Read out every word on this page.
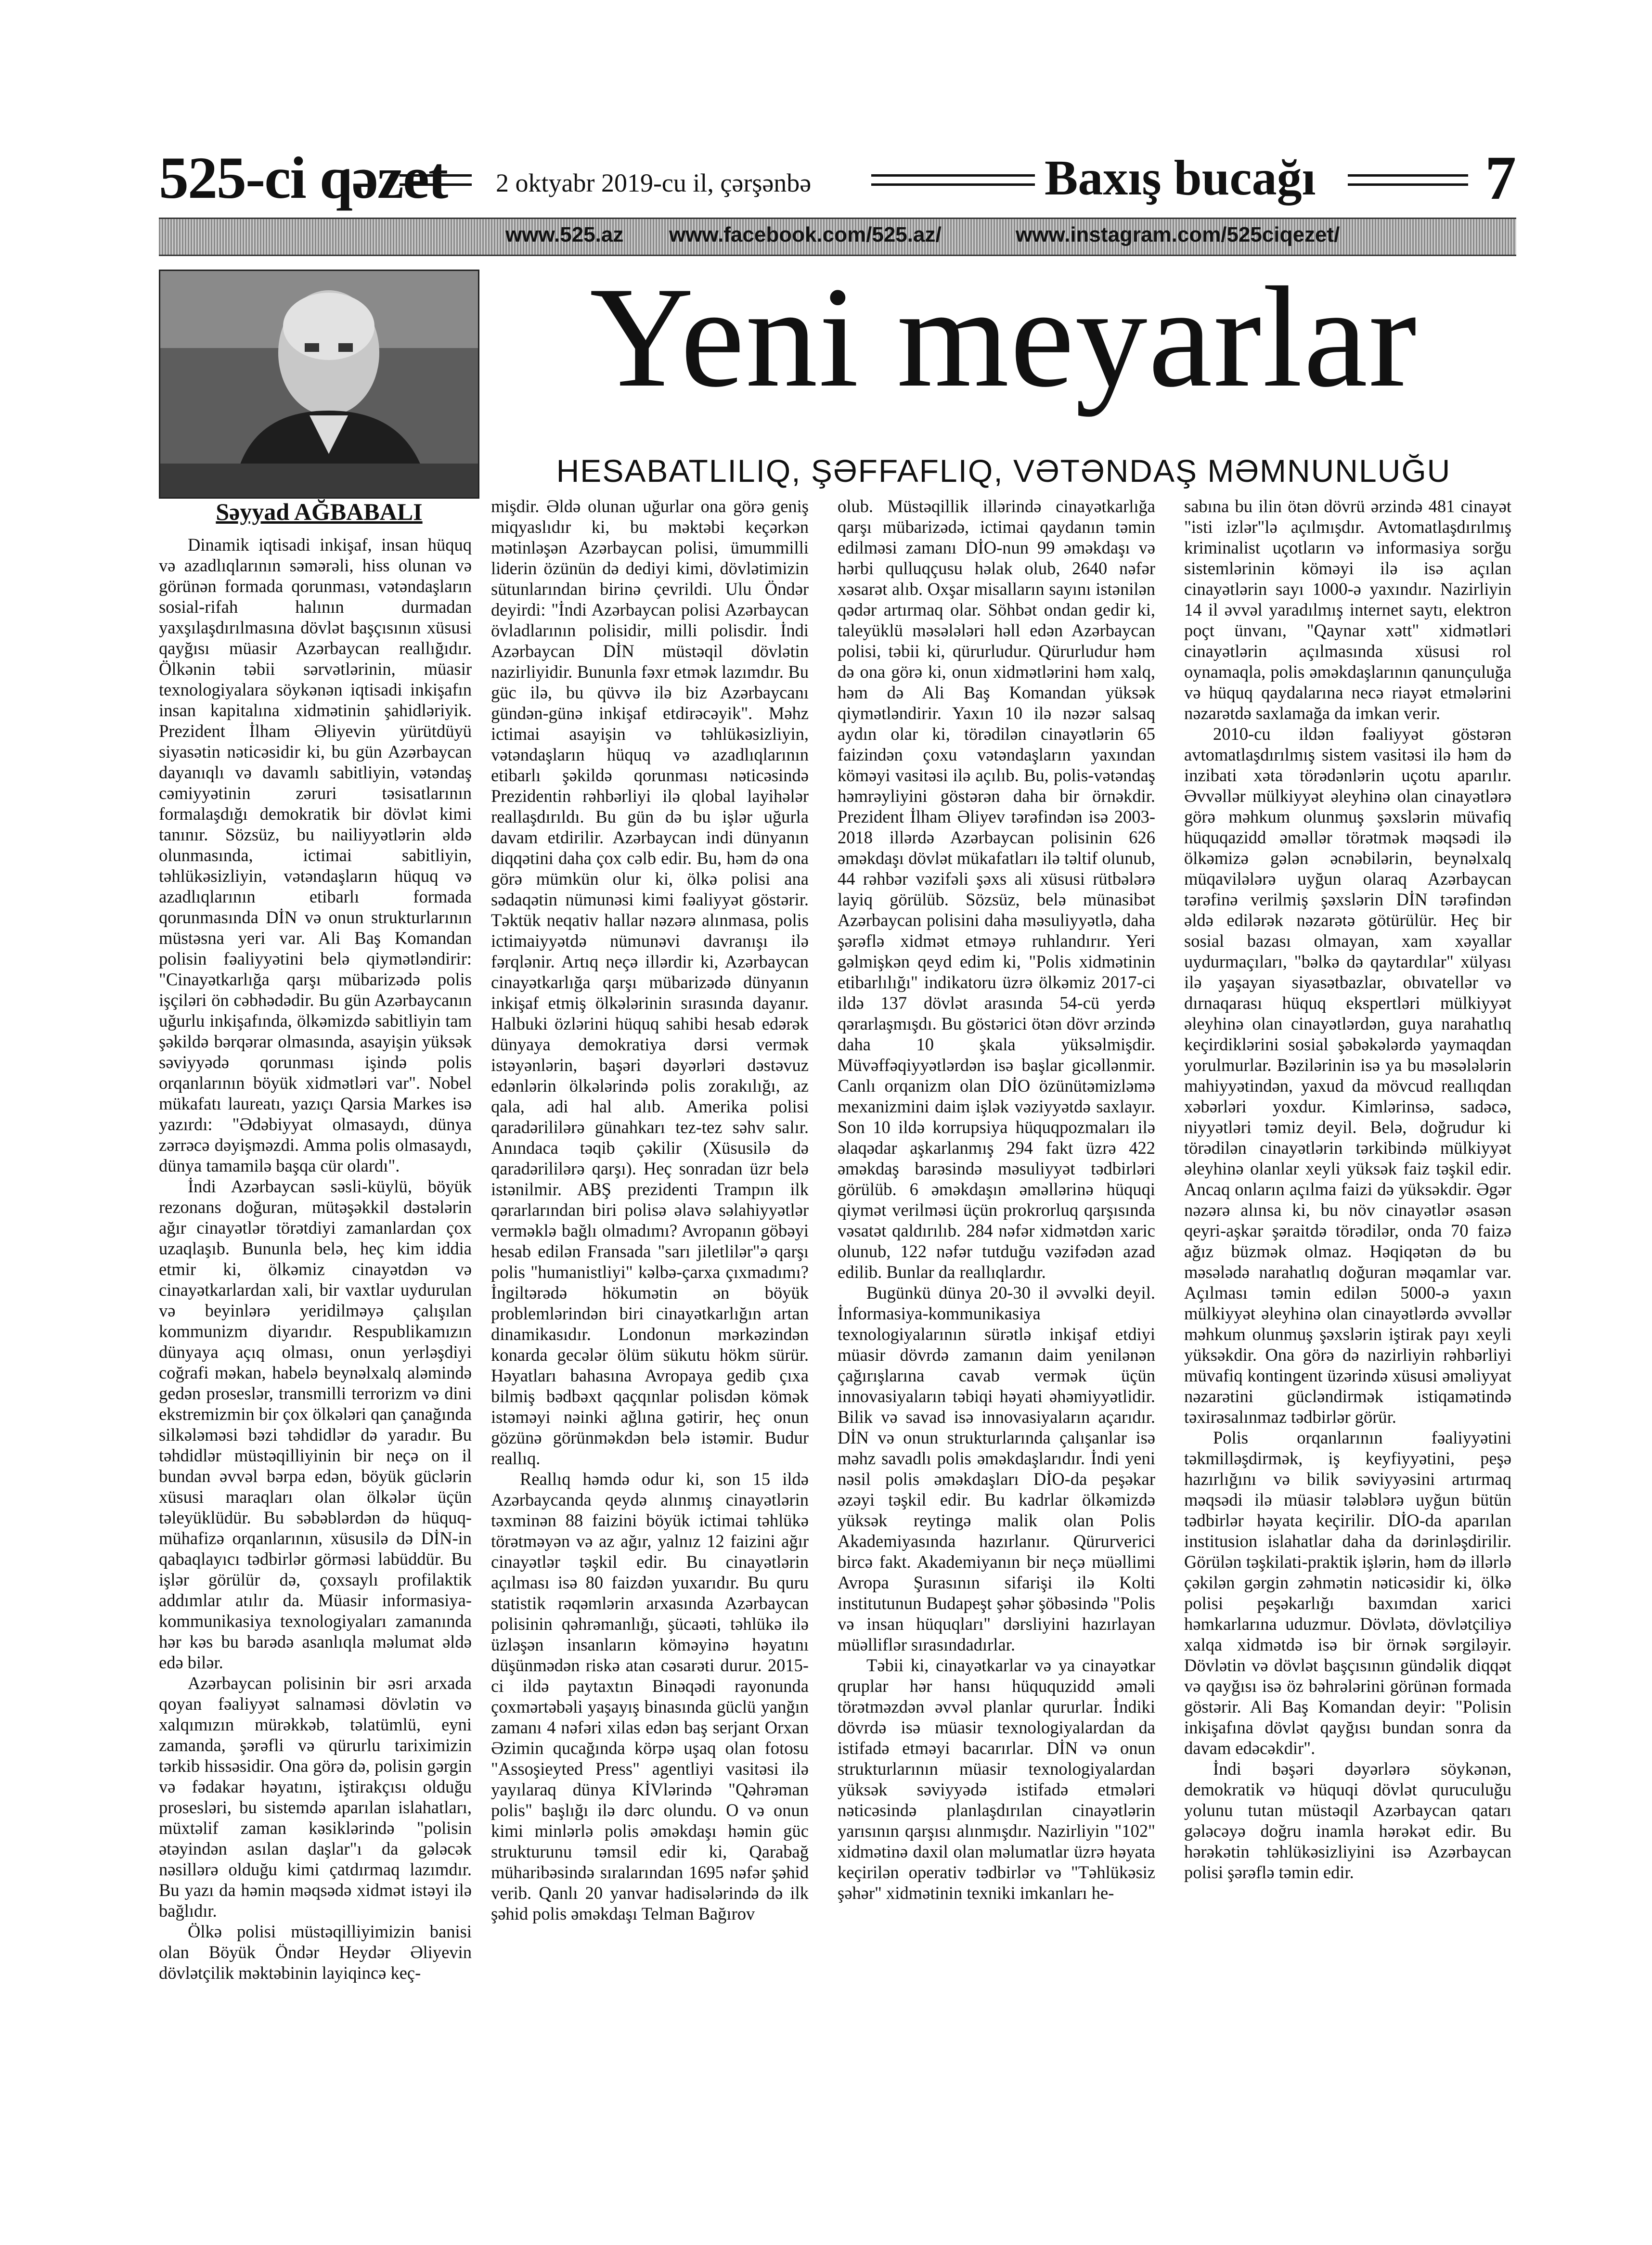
525-ci qəzet 2 oktyabr 2019-cu il, çərşənbə	Baxış bucağı	7
www.525.az www.facebook.com/525.az/	www.instagram.com/525ciqezet/
Səyyad AĞBABALI
Yeni meyarlar
HESABATLILIQ, ŞƏFFAFLIQ, VƏTƏNDAŞ MƏMNUNLUĞU

Dinamik iqtisadi inkişaf, insan hüquq və azadlıqlarının səmərəli, hiss olunan və görünən formada qorunması, vətəndaşların sosial-rifah halının durmadan yaxşılaşdırılmasına dövlət başçısının xüsusi qayğısı müasir Azərbaycan reallığıdır. Ölkənin təbii sərvətlərinin, müasir texnologiyalara söykənən iqtisadi inkişafın insan kapitalına xidmətinin şahidləriyik. Prezident İlham Əliyevin yürütdüyü siyasətin nəticəsidir ki, bu gün Azərbaycan dayanıqlı və davamlı sabitliyin, vətəndaş cəmiyyətinin zəruri təsisatlarının formalaşdığı demokratik bir dövlət kimi tanınır. Sözsüz, bu nailiyyətlərin əldə olunmasında, ictimai sabitliyin, təhlükəsizliyin, vətəndaşların hüquq və azadlıqlarının etibarlı formada qorunmasında DİN və onun strukturlarının müstəsna yeri var. Ali Baş Komandan polisin fəaliyyətini belə qiymətləndirir: "Cinayətkarlığa qarşı mübarizədə polis işçiləri ön cəbhədədir. Bu gün Azərbaycanın uğurlu inkişafında, ölkəmizdə sabitliyin tam şəkildə bərqərar olmasında, asayişin yüksək səviyyədə qorunması işində polis orqanlarının böyük xidmətləri var". Nobel mükafatı laureatı, yazıçı Qarsia Markes isə yazırdı: "Ədəbiyyat olmasaydı, dünya zərrəcə dəyişməzdi. Amma polis olmasaydı, dünya tamamilə başqa cür olardı".

İndi Azərbaycan səsli-küylü, böyük rezonans doğuran, mütəşəkkil dəstələrin ağır cinayətlər törətdiyi zamanlardan çox uzaqlaşıb. Bununla belə, heç kim iddia etmir ki, ölkəmiz cinayətdən və cinayətkarlardan xali, bir vaxtlar uydurulan və beyinlərə yeridilməyə çalışılan kommunizm diyarıdır. Respublikamızın dünyaya açıq olması, onun yerləşdiyi coğrafi məkan, habelə beynəlxalq aləmində gedən proseslər, transmilli terrorizm və dini ekstremizmin bir çox ölkələri qan çanağında silkələməsi bəzi təhdidlər də yaradır. Bu təhdidlər müstəqilliyinin bir neçə on il bundan əvvəl bərpa edən, böyük güclərin xüsusi maraqları olan ölkələr üçün təleyüklüdür. Bu səbəblərdən də hüquq-mühafizə orqanlarının, xüsusilə də DİN-in qabaqlayıcı tədbirlər görməsi labüddür. Bu işlər görülür də, çoxsaylı profilaktik addımlar atılır da. Müasir informasiya-kommunikasiya texnologiyaları zamanında hər kəs bu barədə asanlıqla məlumat əldə edə bilər.

Azərbaycan polisinin bir əsri arxada qoyan fəaliyyət salnaməsi dövlətin və xalqımızın mürəkkəb, təlatümlü, eyni zamanda, şərəfli və qürurlu tariximizin tərkib hissəsidir. Ona görə də, polisin gərgin və fədakar həyatını, iştirakçısı olduğu prosesləri, bu sistemdə aparılan islahatları, müxtəlif zaman kəsiklərində "polisin ətəyindən asılan daşlar"ı da gələcək nəsillərə olduğu kimi çatdırmaq lazımdır. Bu yazı da həmin məqsədə xidmət istəyi ilə bağlıdır.

Ölkə polisi müstəqilliyimizin banisi olan Böyük Öndər Heydər Əliyevin dövlətçilik məktəbinin layiqincə keç-

mişdir. Əldə olunan uğurlar ona görə geniş miqyaslıdır ki, bu məktəbi keçərkən mətinləşən Azərbaycan polisi, ümummilli liderin özünün də dediyi kimi, dövlətimizin sütunlarından birinə çevrildi. Ulu Öndər deyirdi: "İndi Azərbaycan polisi Azərbaycan övladlarının polisidir, milli polisdir. İndi Azərbaycan DİN müstəqil dövlətin nazirliyidir. Bununla fəxr etmək lazımdır. Bu güc ilə, bu qüvvə ilə biz Azərbaycanı gündən-günə inkişaf etdirəcəyik". Məhz ictimai asayişin və təhlükəsizliyin, vətəndaşların hüquq və azadlıqlarının etibarlı şəkildə qorunması nəticəsində Prezidentin rəhbərliyi ilə qlobal layihələr reallaşdırıldı. Bu gün də bu işlər uğurla davam etdirilir. Azərbaycan indi dünyanın diqqətini daha çox cəlb edir. Bu, həm də ona görə mümkün olur ki, ölkə polisi ana sədaqətin nümunəsi kimi fəaliyyət göstərir. Təktük neqativ hallar nəzərə alınmasa, polis ictimaiyyətdə nümunəvi davranışı ilə fərqlənir. Artıq neçə illərdir ki, Azərbaycan cinayətkarlığa qarşı mübarizədə dünyanın inkişaf etmiş ölkələrinin sırasında dayanır. Halbuki özlərini hüquq sahibi hesab edərək dünyaya demokratiya dərsi vermək istəyənlərin, başəri dəyərləri dəstəvuz edənlərin ölkələrində polis zorakılığı, az qala, adi hal alıb. Amerika polisi qaradərililərə günahkarı tez-tez səhv salır. Anındaca təqib çəkilir (Xüsusilə də qaradərililərə qarşı). Heç sonradan üzr belə istənilmir. ABŞ prezidenti Trampın ilk qərarlarından biri polisə əlavə səlahiyyətlər verməklə bağlı olmadımı? Avropanın göbəyi hesab edilən Fransada "sarı jiletlilər"ə qarşı polis "humanistliyi" kəlbə-çarxa çıxmadımı? İngiltərədə hökumətin ən böyük problemlərindən biri cinayətkarlığın artan dinamikasıdır. Londonun mərkəzindən konarda gecələr ölüm sükutu hökm sürür. Həyatları bahasına Avropaya gedib çıxa bilmiş bədbəxt qaçqınlar polisdən kömək istəməyi nəinki ağlına gətirir, heç onun gözünə görünməkdən belə istəmir. Budur reallıq.

Reallıq həmdə odur ki, son 15 ildə Azərbaycanda qeydə alınmış cinayətlərin təxminən 88 faizini böyük ictimai təhlükə törətməyən və az ağır, yalnız 12 faizini ağır cinayətlər təşkil edir. Bu cinayətlərin açılması isə 80 faizdən yuxarıdır. Bu quru statistik rəqəmlərin arxasında Azərbaycan polisinin qəhrəmanlığı, şücaəti, təhlükə ilə üzləşən insanların köməyinə həyatını düşünmədən riskə atan cəsarəti durur. 2015-ci ildə paytaxtın Binəqədi rayonunda çoxmərtəbəli yaşayış binasında güclü yanğın zamanı 4 nəfəri xilas edən baş serjant Orxan Əzimin qucağında körpə uşaq olan fotosu "Assoşieyted Press" agentliyi vasitəsi ilə yayılaraq dünya KİVlərində "Qəhrəman polis" başlığı ilə dərc olundu. O və onun kimi minlərlə polis əməkdaşı həmin güc strukturunu təmsil edir ki, Qarabağ müharibəsində sıralarından 1695 nəfər şəhid verib. Qanlı 20 yanvar hadisələrində də ilk şəhid polis əməkdaşı Telman Bağırov

olub. Müstəqillik illərində cinayətkarlığa qarşı mübarizədə, ictimai qaydanın təmin edilməsi zamanı DİO-nun 99 əməkdaşı və hərbi qulluqçusu həlak olub, 2640 nəfər xəsarət alıb. Oxşar misalların sayını istənilən qədər artırmaq olar. Söhbət ondan gedir ki, taleyüklü məsələləri həll edən Azərbaycan polisi, təbii ki, qürurludur. Qürurludur həm də ona görə ki, onun xidmətlərini həm xalq, həm də Ali Baş Komandan yüksək qiymətləndirir. Yaxın 10 ilə nəzər salsaq aydın olar ki, törədilən cinayətlərin 65 faizindən çoxu vətəndaşların yaxından köməyi vasitəsi ilə açılıb. Bu, polis-vətəndaş həmrəyliyini göstərən daha bir örnəkdir. Prezident İlham Əliyev tərəfindən isə 2003-2018 illərdə Azərbaycan polisinin 626 əməkdaşı dövlət mükafatları ilə təltif olunub, 44 rəhbər vəzifəli şəxs ali xüsusi rütbələrə layiq görülüb. Sözsüz, belə münasibət Azərbaycan polisini daha məsuliyyətlə, daha şərəflə xidmət etməyə ruhlandırır. Yeri gəlmişkən qeyd edim ki, "Polis xidmətinin etibarlılığı" indikatoru üzrə ölkəmiz 2017-ci ildə 137 dövlət arasında 54-cü yerdə qərarlaşmışdı. Bu göstərici ötən dövr ərzində daha 10 şkala yüksəlmişdir. Müvəffəqiyyətlərdən isə başlar gicəllənmir. Canlı orqanizm olan DİO özünütəmizləmə mexanizmini daim işlək vəziyyətdə saxlayır. Son 10 ildə korrupsiya hüquqpozmaları ilə əlaqədar aşkarlanmış 294 fakt üzrə 422 əməkdaş barəsində məsuliyyət tədbirləri görülüb. 6 əməkdaşın əməllərinə hüquqi qiymət verilməsi üçün prokrorluq qarşısında vəsatət qaldırılıb. 284 nəfər xidmətdən xaric olunub, 122 nəfər tutduğu vəzifədən azad edilib. Bunlar da reallıqlardır.

Bugünkü dünya 20-30 il əvvəlki deyil. İnformasiya-kommunikasiya texnologiyalarının sürətlə inkişaf etdiyi müasir dövrdə zamanın daim yenilənən çağırışlarına cavab vermək üçün innovasiyaların təbiqi həyati əhəmiyyətlidir. Bilik və savad isə innovasiyaların açarıdır. DİN və onun strukturlarında çalışanlar isə məhz savadlı polis əməkdaşlarıdır. İndi yeni nəsil polis əməkdaşları DİO-da peşəkar əzəyi təşkil edir. Bu kadrlar ölkəmizdə yüksək reytingə malik olan Polis Akademiyasında hazırlanır. Qürurverici bircə fakt. Akademiyanın bir neçə müəllimi Avropa Şurasının sifarişi ilə Kolti institutunun Budapeşt şəhər şöbəsində "Polis və insan hüquqları" dərsliyini hazırlayan müəlliflər sırasındadırlar.

Təbii ki, cinayətkarlar və ya cinayətkar qruplar hər hansı hüququzidd əməli törətməzdən əvvəl planlar qururlar. İndiki dövrdə isə müasir texnologiyalardan da istifadə etməyi bacarırlar. DİN və onun strukturlarının müasir texnologiyalardan yüksək səviyyədə istifadə etmələri nəticəsində planlaşdırılan cinayətlərin yarısının qarşısı alınmışdır. Nazirliyin "102" xidmətinə daxil olan məlumatlar üzrə həyata keçirilən operativ tədbirlər və "Təhlükəsiz şəhər" xidmətinin texniki imkanları he-

sabına bu ilin ötən dövrü ərzində 481 cinayət "isti izlər"lə açılmışdır. Avtomatlaşdırılmış kriminalist uçotların və informasiya sorğu sistemlərinin köməyi ilə isə açılan cinayətlərin sayı 1000-ə yaxındır. Nazirliyin 14 il əvvəl yaradılmış internet saytı, elektron poçt ünvanı, "Qaynar xətt" xidmətləri cinayətlərin açılmasında xüsusi rol oynamaqla, polis əməkdaşlarının qanunçuluğa və hüquq qaydalarına necə riayət etmələrini nəzarətdə saxlamağa da imkan verir.

2010-cu ildən fəaliyyət göstərən avtomatlaşdırılmış sistem vasitəsi ilə həm də inzibati xəta törədənlərin uçotu aparılır. Əvvəllər mülkiyyət əleyhinə olan cinayətlərə görə məhkum olunmuş şəxslərin müvafiq hüquqazidd əməllər törətmək məqsədi ilə ölkəmizə gələn əcnəbilərin, beynəlxalq müqavilələrə uyğun olaraq Azərbaycan tərəfinə verilmiş şəxslərin DİN tərəfindən əldə edilərək nəzarətə götürülür. Heç bir sosial bazası olmayan, xam xəyallar uydurmaçıları, "bəlkə də qaytardılar" xülyası ilə yaşayan siyasətbazlar, obıvatellər və dırnaqarası hüquq ekspertləri mülkiyyət əleyhinə olan cinayətlərdən, guya narahatlıq keçirdiklərini sosial şəbəkələrdə yaymaqdan yorulmurlar. Bəzilərinin isə ya bu məsələlərin mahiyyətindən, yaxud da mövcud reallıqdan xəbərləri yoxdur. Kimlərinsə, sadəcə, niyyətləri təmiz deyil. Belə, doğrudur ki törədilən cinayətlərin tərkibində mülkiyyət əleyhinə olanlar xeyli yüksək faiz təşkil edir. Ancaq onların açılma faizi də yüksəkdir. Əgər nəzərə alınsa ki, bu növ cinayətlər əsasən qeyri-aşkar şəraitdə törədilər, onda 70 faizə ağız büzmək olmaz. Həqiqətən də bu məsələdə narahatlıq doğuran məqamlar var. Açılması təmin edilən 5000-ə yaxın mülkiyyət əleyhinə olan cinayətlərdə əvvəllər məhkum olunmuş şəxslərin iştirak payı xeyli yüksəkdir. Ona görə də nazirliyin rəhbərliyi müvafiq kontingent üzərində xüsusi əməliyyat nəzarətini gücləndirmək istiqamətində təxirəsalınmaz tədbirlər görür.

Polis orqanlarının fəaliyyətini təkmilləşdirmək, iş keyfiyyətini, peşə hazırlığını və bilik səviyyəsini artırmaq məqsədi ilə müasir tələblərə uyğun bütün tədbirlər həyata keçirilir. DİO-da aparılan institusion islahatlar daha da dərinləşdirilir. Görülən təşkilati-praktik işlərin, həm də illərlə çəkilən gərgin zəhmətin nəticəsidir ki, ölkə polisi peşəkarlığı baxımdan xarici həmkarlarına uduzmur. Dövlətə, dövlətçiliyə xalqa xidmətdə isə bir örnək sərgiləyir. Dövlətin və dövlət başçısının gündəlik diqqət və qayğısı isə öz bəhrələrini görünən formada göstərir. Ali Baş Komandan deyir: "Polisin inkişafına dövlət qayğısı bundan sonra da davam edəcəkdir".

İndi bəşəri dəyərlərə söykənən, demokratik və hüquqi dövlət quruculuğu yolunu tutan müstəqil Azərbaycan qatarı gələcəyə doğru inamla hərəkət edir. Bu hərəkətin təhlükəsizliyini isə Azərbaycan polisi şərəflə təmin edir.
